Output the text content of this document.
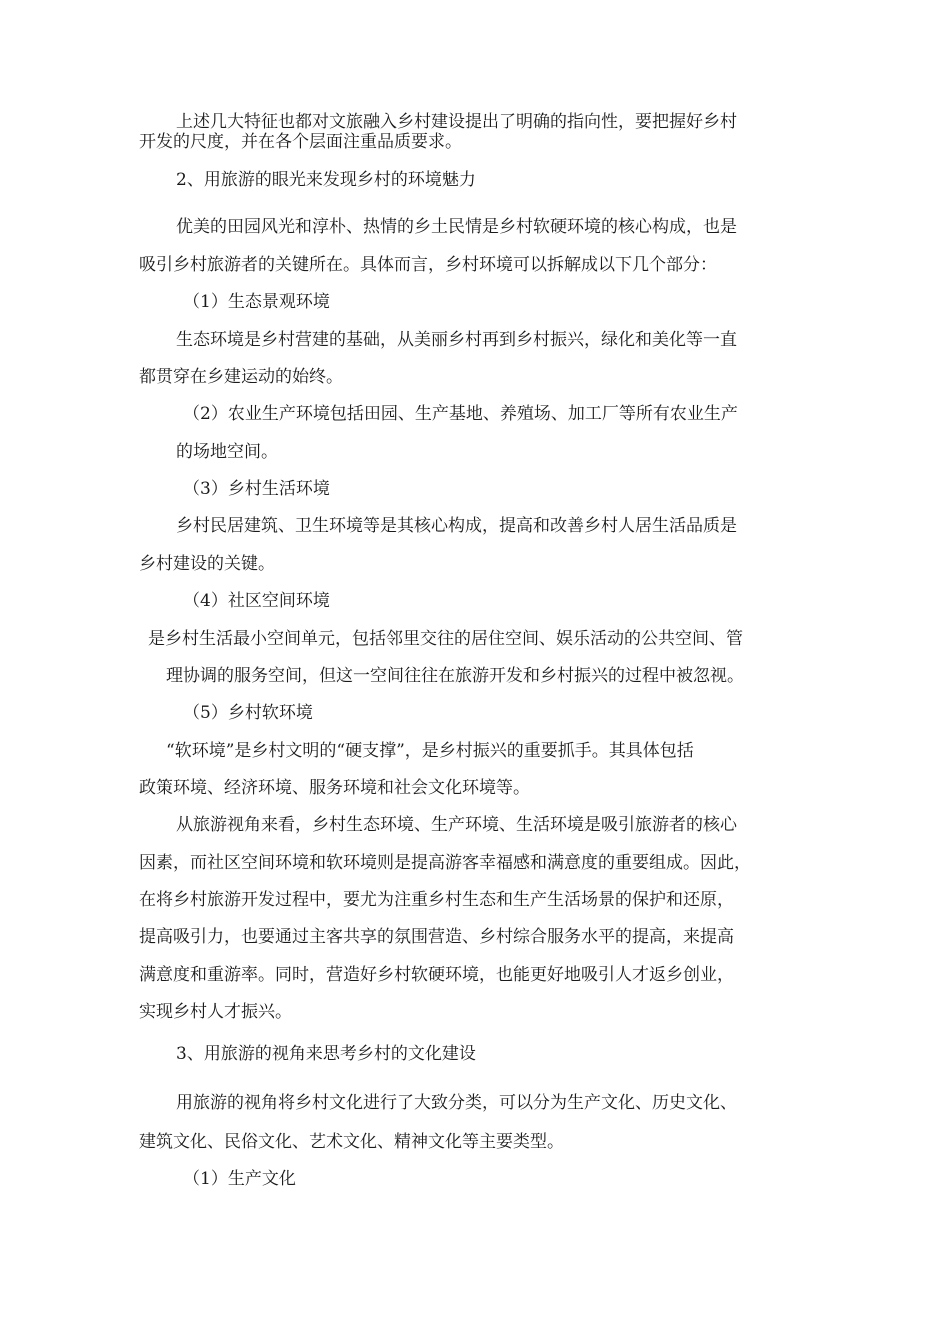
上述几大特征也都对文旅融入乡村建设提出了明确的指向性，要把握好乡村

开发的尺度，并在各个层面注重品质要求。

2、用旅游的眼光来发现乡村的环境魅力

优美的田园风光和淳朴、热情的乡土民情是乡村软硬环境的核心构成，也是

吸引乡村旅游者的关键所在。具体而言，乡村环境可以拆解成以下几个部分：

（1）生态景观环境

生态环境是乡村营建的基础，从美丽乡村再到乡村振兴，绿化和美化等一直

都贯穿在乡建运动的始终。

（2）农业生产环境包括田园、生产基地、养殖场、加工厂等所有农业生产

的场地空间。

（3）乡村生活环境

乡村民居建筑、卫生环境等是其核心构成，提高和改善乡村人居生活品质是

乡村建设的关键。

（4）社区空间环境

是乡村生活最小空间单元，包括邻里交往的居住空间、娱乐活动的公共空间、管

理协调的服务空间，但这一空间往往在旅游开发和乡村振兴的过程中被忽视。

（5）乡村软环境

“软环境”是乡村文明的“硬支撑”，是乡村振兴的重要抓手。其具体包括

政策环境、经济环境、服务环境和社会文化环境等。

从旅游视角来看，乡村生态环境、生产环境、生活环境是吸引旅游者的核心

因素，而社区空间环境和软环境则是提高游客幸福感和满意度的重要组成。因此，

在将乡村旅游开发过程中，要尤为注重乡村生态和生产生活场景的保护和还原，

提高吸引力，也要通过主客共享的氛围营造、乡村综合服务水平的提高，来提高

满意度和重游率。同时，营造好乡村软硬环境，也能更好地吸引人才返乡创业，

实现乡村人才振兴。

3、用旅游的视角来思考乡村的文化建设

用旅游的视角将乡村文化进行了大致分类，可以分为生产文化、历史文化、

建筑文化、民俗文化、艺术文化、精神文化等主要类型。

（1）生产文化
